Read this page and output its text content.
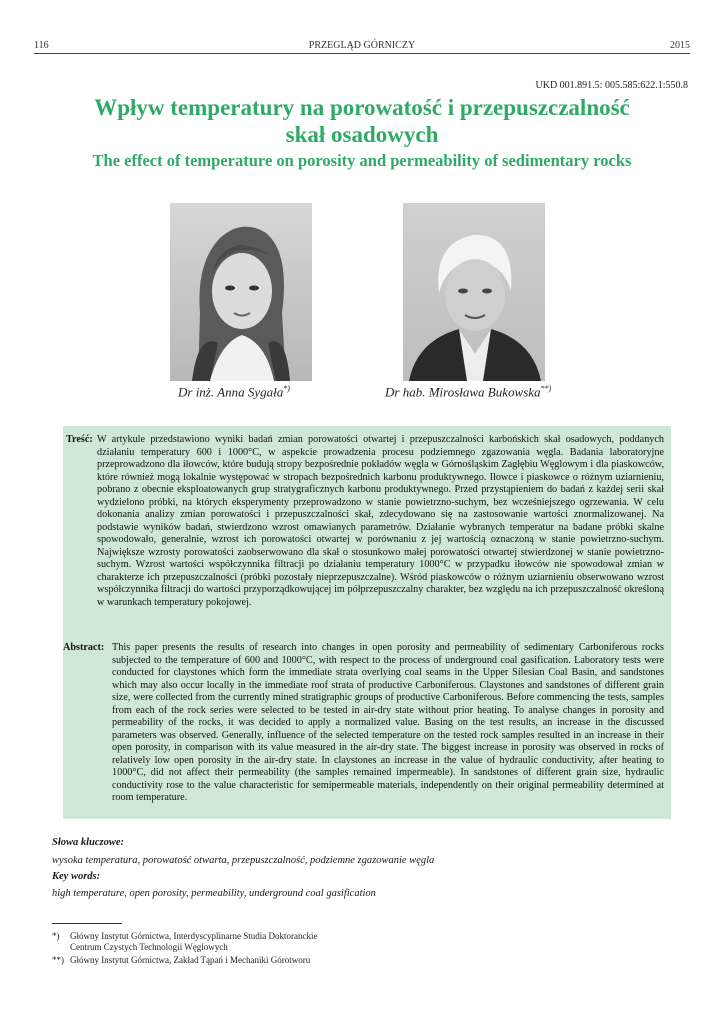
116	PRZEGLĄD GÓRNICZY	2015
UKD 001.891.5: 005.585:622.1:550.8
Wpływ temperatury na porowatość i przepuszczalność
skał osadowych
The effect of temperature on porosity and permeability of sedimentary rocks
Dr inż. Anna Sygała*)	Dr hab. Mirosława Bukowska**)
Treść: W artykule przedstawiono wyniki badań zmian porowatości otwartej i przepuszczalności karbońskich skał osadowych, poddanych działaniu temperatury 600 i 1000°C, w aspekcie prowadzenia procesu podziemnego zgazowania węgla. Badania laboratoryjne przeprowadzono dla iłowców, które budują stropy bezpośrednie pokładów węgla w Górnośląskim Zagłębiu Węglowym i dla piaskowców, które również mogą lokalnie występować w stropach bezpośrednich karbonu produktywnego. Iłowce i piaskowce o różnym uziarnieniu, pobrano z obecnie eksploatowanych grup stratygraficznych karbonu produktywnego. Przed przystąpieniem do badań z każdej serii skał wydzielono próbki, na których eksperymenty przeprowadzono w stanie powietrzno-suchym, bez wcześniejszego ogrzewania. W celu dokonania analizy zmian porowatości i przepuszczalności skał, zdecydowano się na zastosowanie wartości znormalizowanej. Na podstawie wyników badań, stwierdzono wzrost omawianych parametrów. Działanie wybranych temperatur na badane próbki skalne spowodowało, generalnie, wzrost ich porowatości otwartej w porównaniu z jej wartością oznaczoną w stanie powietrzno-suchym. Największe wzrosty porowatości zaobserwowano dla skał o stosunkowo małej porowatości otwartej stwierdzonej w stanie powietrzno-suchym. Wzrost wartości współczynnika filtracji po działaniu temperatury 1000°C w przypadku iłowców nie spowodował zmian w charakterze ich przepuszczalności (próbki pozostały nieprzepuszczalne). Wśród piaskowców o różnym uziarnieniu obserwowano wzrost współczynnika filtracji do wartości przyporządkowującej im półprzepuszczalny charakter, bez względu na ich przepuszczalność określoną w warunkach temperatury pokojowej.
Abstract: This paper presents the results of research into changes in open porosity and permeability of sedimentary Carboniferous rocks subjected to the temperature of 600 and 1000°C, with respect to the process of underground coal gasification. Laboratory tests were conducted for claystones which form the immediate strata overlying coal seams in the Upper Silesian Coal Basin, and sandstones which may also occur locally in the immediate roof strata of productive Carboniferous. Claystones and sandstones of different grain size, were collected from the currently mined stratigraphic groups of productive Carboniferous. Before commencing the tests, samples from each of the rock series were selected to be tested in air-dry state without prior heating. To analyse changes in porosity and permeability of the rocks, it was decided to apply a normalized value. Basing on the test results, an increase in the discussed parameters was observed. Generally, influence of the selected temperature on the tested rock samples resulted in an increase in their open porosity, in comparison with its value measured in the air-dry state. The biggest increase in porosity was observed in rocks of relatively low open porosity in the air-dry state. In claystones an increase in the value of hydraulic conductivity, after heating to 1000°C, did not affect their permeability (the samples remained impermeable). In sandstones of different grain size, hydraulic conductivity rose to the value characteristic for semipermeable materials, independently on their original permeability determined at room temperature.
Słowa kluczowe:
wysoka temperatura, porowatość otwarta, przepuszczalność, podziemne zgazowanie węgla
Key words:
high temperature, open porosity, permeability, underground coal gasification
*) Główny Instytut Górnictwa, Interdyscyplinarne Studia Doktoranckie
Centrum Czystych Technologii Węglowych
**) Główny Instytut Górnictwa, Zakład Tąpań i Mechaniki Górotworu
